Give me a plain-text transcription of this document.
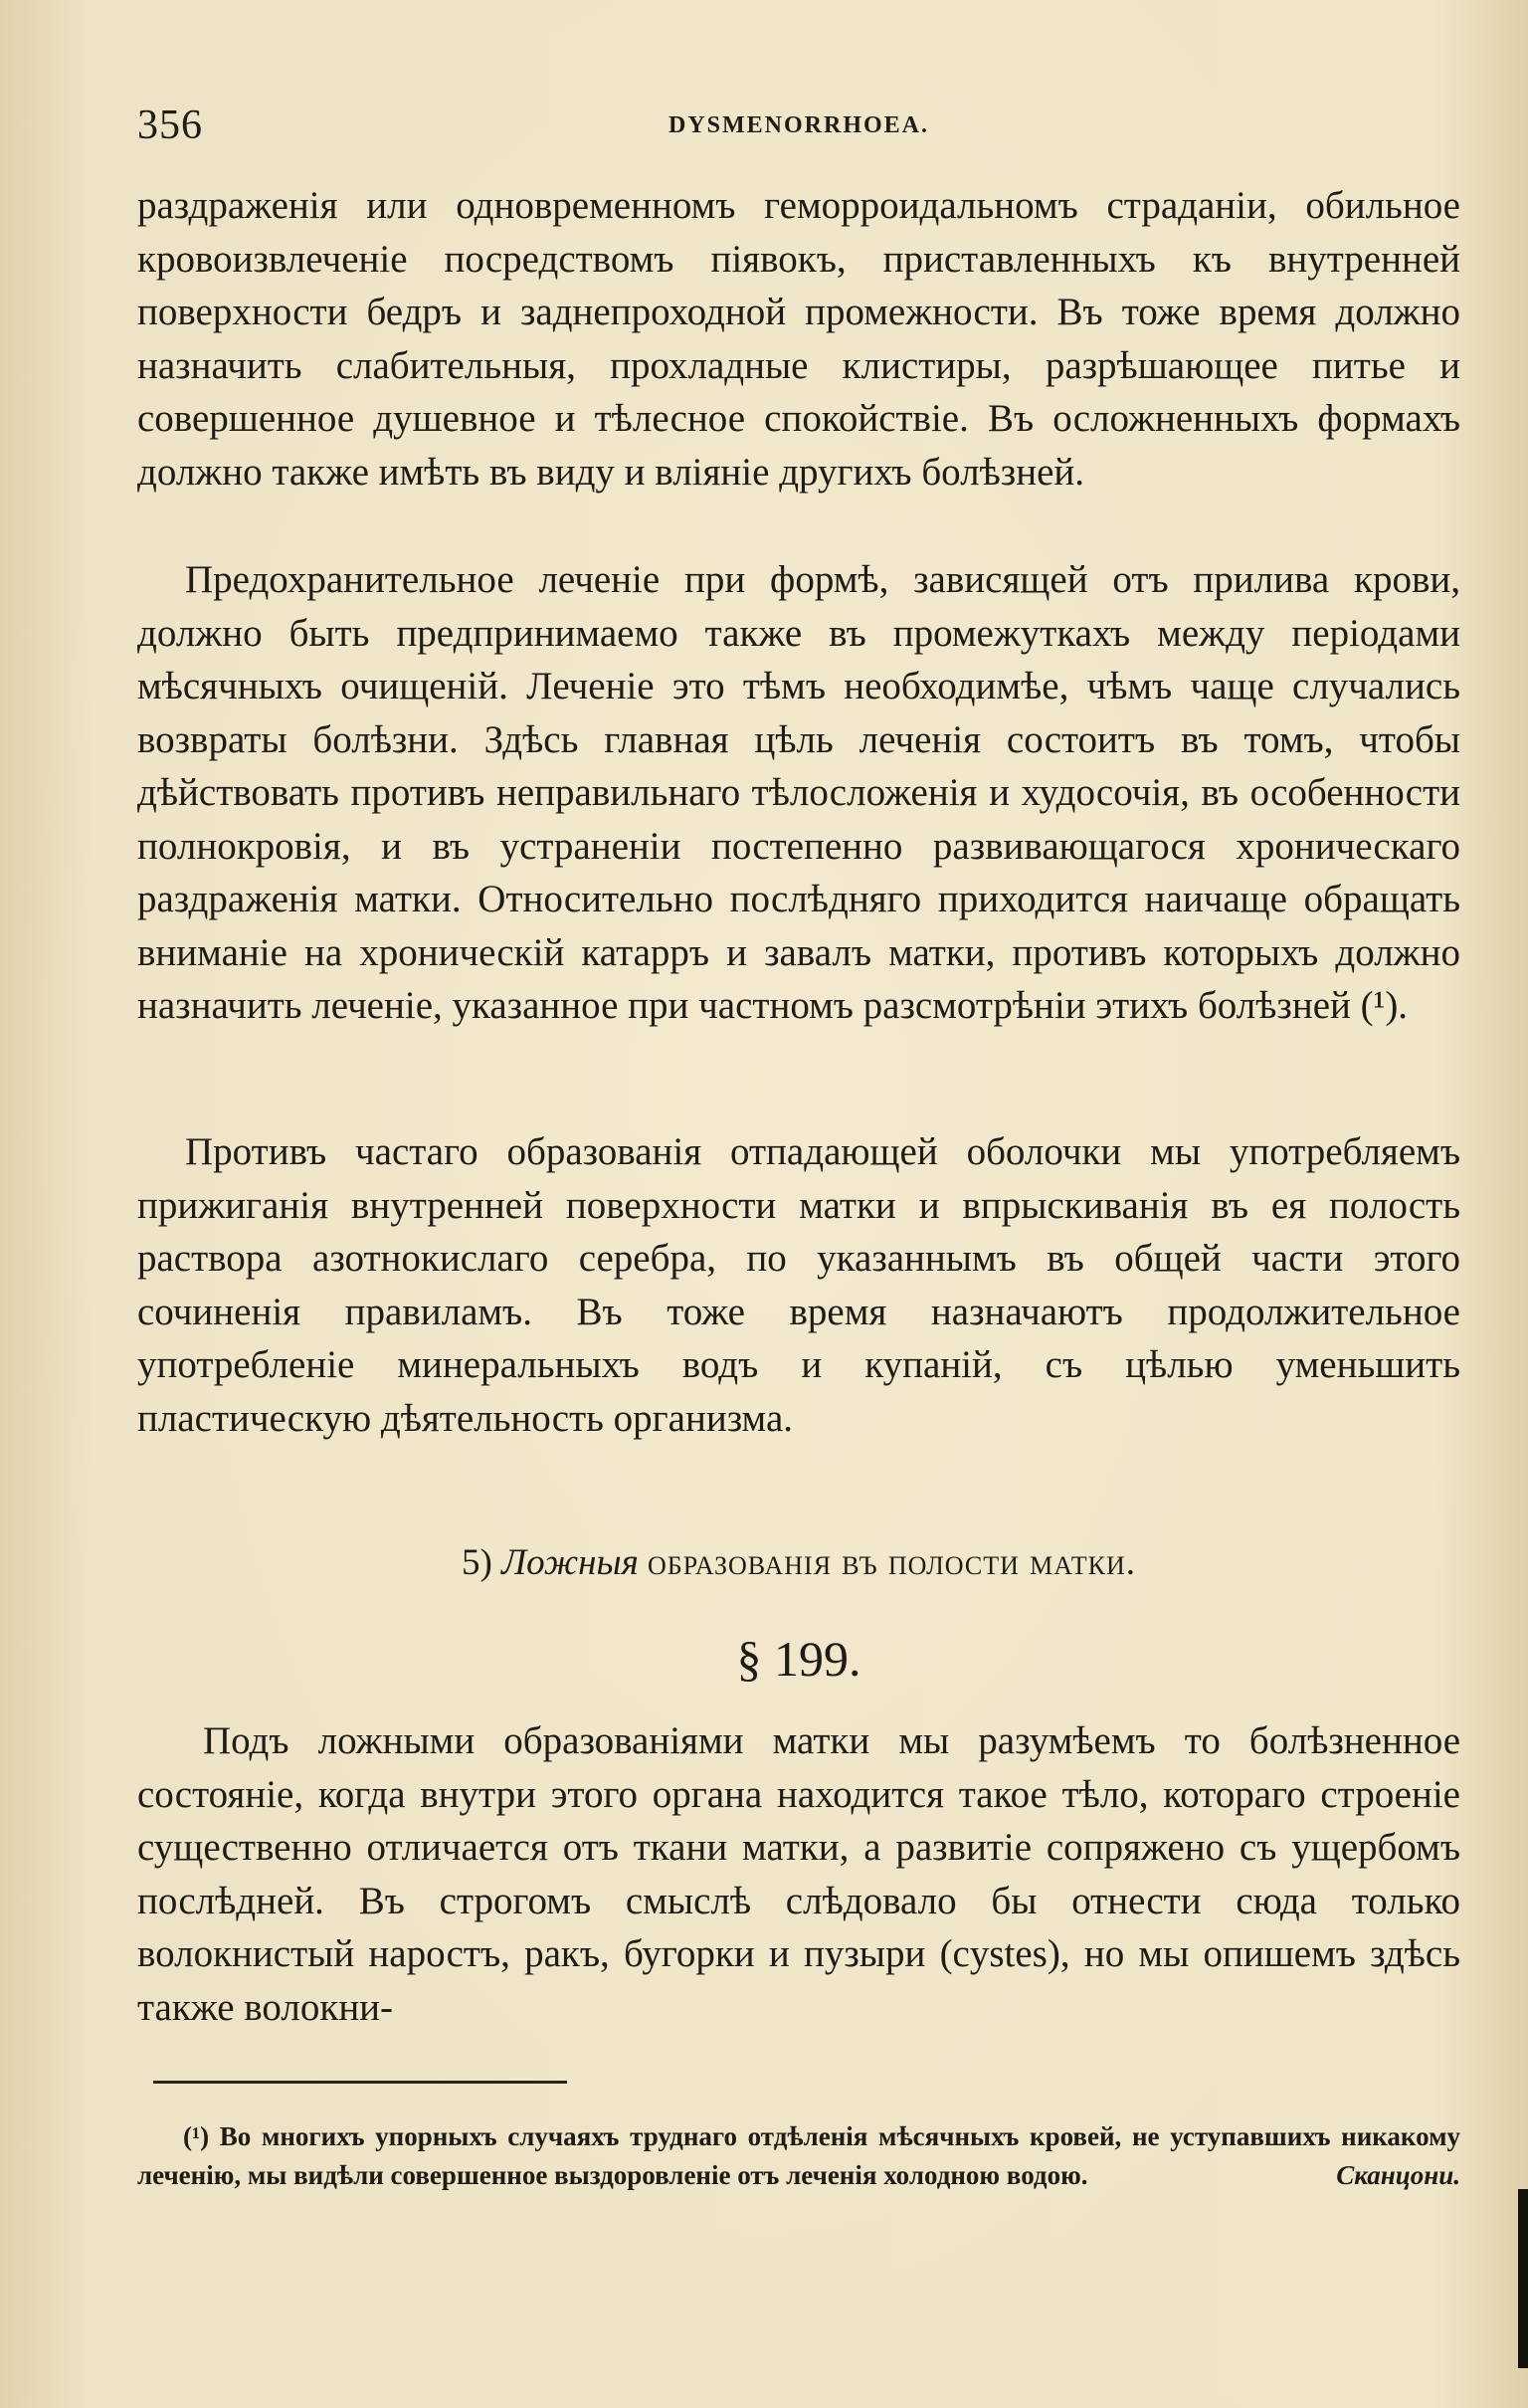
356	DYSMENORRHOEA.

раздраженія или одновременномъ геморроидальномъ страданіи, обильное кровоизвлеченіе посредствомъ піявокъ, приставленныхъ къ внутренней поверхности бедръ и заднепроходной промежности. Въ тоже время должно назначить слабительныя, прохладные клистиры, разрѣшающее питье и совершенное душевное и тѣлесное спокойствіе. Въ осложненныхъ формахъ должно также имѣть въ виду и вліяніе другихъ болѣзней.

Предохранительное леченіе при формѣ, зависящей отъ прилива крови, должно быть предпринимаемо также въ промежуткахъ между періодами мѣсячныхъ очищеній. Леченіе это тѣмъ необходимѣе, чѣмъ чаще случались возвраты болѣзни. Здѣсь главная цѣль леченія состоитъ въ томъ, чтобы дѣйствовать противъ неправильнаго тѣлосложенія и худосочія, въ особенности полнокровія, и въ устраненіи постепенно развивающагося хроническаго раздраженія матки. Относительно послѣдняго приходится наичаще обращать вниманіе на хроническій катарръ и завалъ матки, противъ которыхъ должно назначить леченіе, указанное при частномъ разсмотрѣніи этихъ болѣзней (¹).

Противъ частаго образованія отпадающей оболочки мы употребляемъ прижиганія внутренней поверхности матки и впрыскиванія въ ея полость раствора азотнокислаго серебра, по указаннымъ въ общей части этого сочиненія правиламъ. Въ тоже время назначаютъ продолжительное употребленіе минеральныхъ водъ и купаній, съ цѣлью уменьшить пластическую дѣятельность организма.

5) Ложныя образованія въ полости матки.
§ 199.

Подъ ложными образованіями матки мы разумѣемъ то болѣзненное состояніе, когда внутри этого органа находится такое тѣло, котораго строеніе существенно отличается отъ ткани матки, а развитіе сопряжено съ ущербомъ послѣдней. Въ строгомъ смыслѣ слѣдовало бы отнести сюда только волокнистый наростъ, ракъ, бугорки и пузыри (cystes), но мы опишемъ здѣсь также волокни-

(¹) Во многихъ упорныхъ случаяхъ труднаго отдѣленія мѣсячныхъ кровей, не уступавшихъ никакому леченію, мы видѣли совершенное выздоровленіе отъ леченія холодною водою.	Сканцони.
